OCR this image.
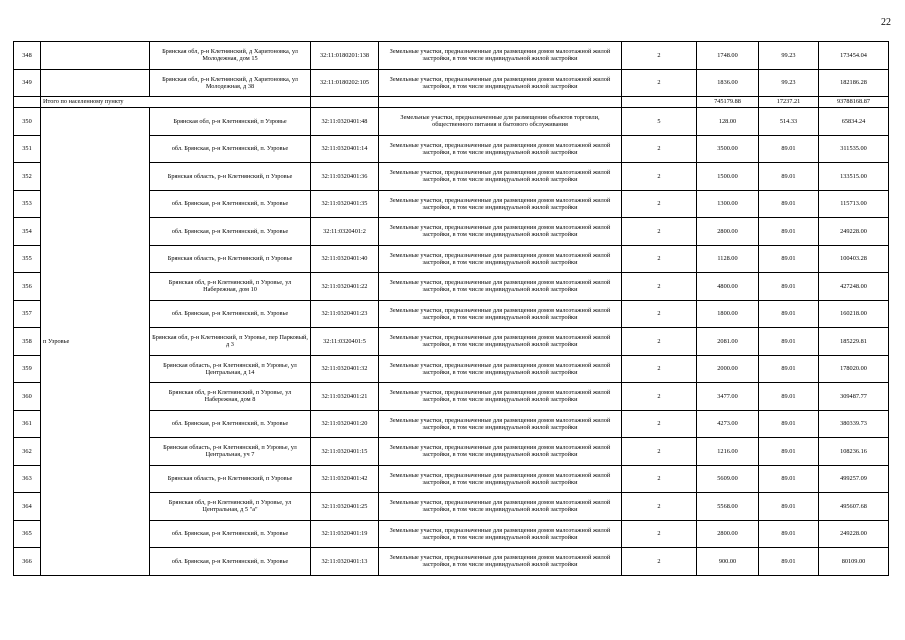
22
348		Брянская обл, р-н Клетнянский, д Харитоновка, ул Молодежная, дом 15	32:11:0180201:138	Земельные участки, предназначенные для размещения домов малоэтажной жилой застройки, в том числе индивидуальной жилой застройки	2	1748.00	99.23	173454.04
349		Брянская обл, р-н Клетнянский, д Харитоновка, ул Молодежная, д 38	32:11:0180202:105	Земельные участки, предназначенные для размещения домов малоэтажной жилой застройки, в том числе индивидуальной жилой застройки	2	1836.00	99.23	182186.28
	Итого по населенному пункту					745179.88	17237.21	93788168.87
350	п Узровье	Брянская обл, р-н Клетнянский, п Узровье	32:11:0320401:48	Земельные участки, предназначенные для размещения объектов торговли, общественного питания и бытового обслуживания	5	128.00	514.33	65834.24
351		обл. Брянская, р-н Клетнянский, п. Узровье	32:11:0320401:14	Земельные участки, предназначенные для размещения домов малоэтажной жилой застройки, в том числе индивидуальной жилой застройки	2	3500.00	89.01	311535.00
352		Брянская область, р-н Клетнянский, п Узровье	32:11:0320401:36	Земельные участки, предназначенные для размещения домов малоэтажной жилой застройки, в том числе индивидуальной жилой застройки	2	1500.00	89.01	133515.00
353		обл. Брянская, р-н Клетнянский, п. Узровье	32:11:0320401:35	Земельные участки, предназначенные для размещения домов малоэтажной жилой застройки, в том числе индивидуальной жилой застройки	2	1300.00	89.01	115713.00
354		обл. Брянская, р-н Клетнянский, п. Узровье	32:11:0320401:2	Земельные участки, предназначенные для размещения домов малоэтажной жилой застройки, в том числе индивидуальной жилой застройки	2	2800.00	89.01	249228.00
355		Брянская область, р-н Клетнянский, п Узровье	32:11:0320401:40	Земельные участки, предназначенные для размещения домов малоэтажной жилой застройки, в том числе индивидуальной жилой застройки	2	1128.00	89.01	100403.28
356		Брянская обл, р-н Клетнянский, п Узровье, ул Набережная, дом 10	32:11:0320401:22	Земельные участки, предназначенные для размещения домов малоэтажной жилой застройки, в том числе индивидуальной жилой застройки	2	4800.00	89.01	427248.00
357		обл. Брянская, р-н Клетнянский, п. Узровье	32:11:0320401:23	Земельные участки, предназначенные для размещения домов малоэтажной жилой застройки, в том числе индивидуальной жилой застройки	2	1800.00	89.01	160218.00
358		Брянская обл, р-н Клетнянский, п Узровье, пер Парковый, д 3	32:11:0320401:5	Земельные участки, предназначенные для размещения домов малоэтажной жилой застройки, в том числе индивидуальной жилой застройки	2	2081.00	89.01	185229.81
359		Брянская область, р-н Клетнянский, п Узровье, ул Центральная, д 14	32:11:0320401:32	Земельные участки, предназначенные для размещения домов малоэтажной жилой застройки, в том числе индивидуальной жилой застройки	2	2000.00	89.01	178020.00
360		Брянская обл, р-н Клетнянский, п Узровье, ул Набережная, дом 8	32:11:0320401:21	Земельные участки, предназначенные для размещения домов малоэтажной жилой застройки, в том числе индивидуальной жилой застройки	2	3477.00	89.01	309487.77
361		обл. Брянская, р-н Клетнянский, п. Узровье	32:11:0320401:20	Земельные участки, предназначенные для размещения домов малоэтажной жилой застройки, в том числе индивидуальной жилой застройки	2	4273.00	89.01	380339.73
362		Брянская область, р-н Клетнянский, п Узровье, ул Центральная, уч 7	32:11:0320401:15	Земельные участки, предназначенные для размещения домов малоэтажной жилой застройки, в том числе индивидуальной жилой застройки	2	1216.00	89.01	108236.16
363		Брянская область, р-н Клетнянский, п Узровье	32:11:0320401:42	Земельные участки, предназначенные для размещения домов малоэтажной жилой застройки, в том числе индивидуальной жилой застройки	2	5609.00	89.01	499257.09
364		Брянская обл, р-н Клетнянский, п Узровье, ул Центральная, д 5 "а"	32:11:0320401:25	Земельные участки, предназначенные для размещения домов малоэтажной жилой застройки, в том числе индивидуальной жилой застройки	2	5568.00	89.01	495607.68
365		обл. Брянская, р-н Клетнянский, п. Узровье	32:11:0320401:19	Земельные участки, предназначенные для размещения домов малоэтажной жилой застройки, в том числе индивидуальной жилой застройки	2	2800.00	89.01	249228.00
366		обл. Брянская, р-н Клетнянский, п. Узровье	32:11:0320401:13	Земельные участки, предназначенные для размещения домов малоэтажной жилой застройки, в том числе индивидуальной жилой застройки	2	900.00	89.01	80109.00
